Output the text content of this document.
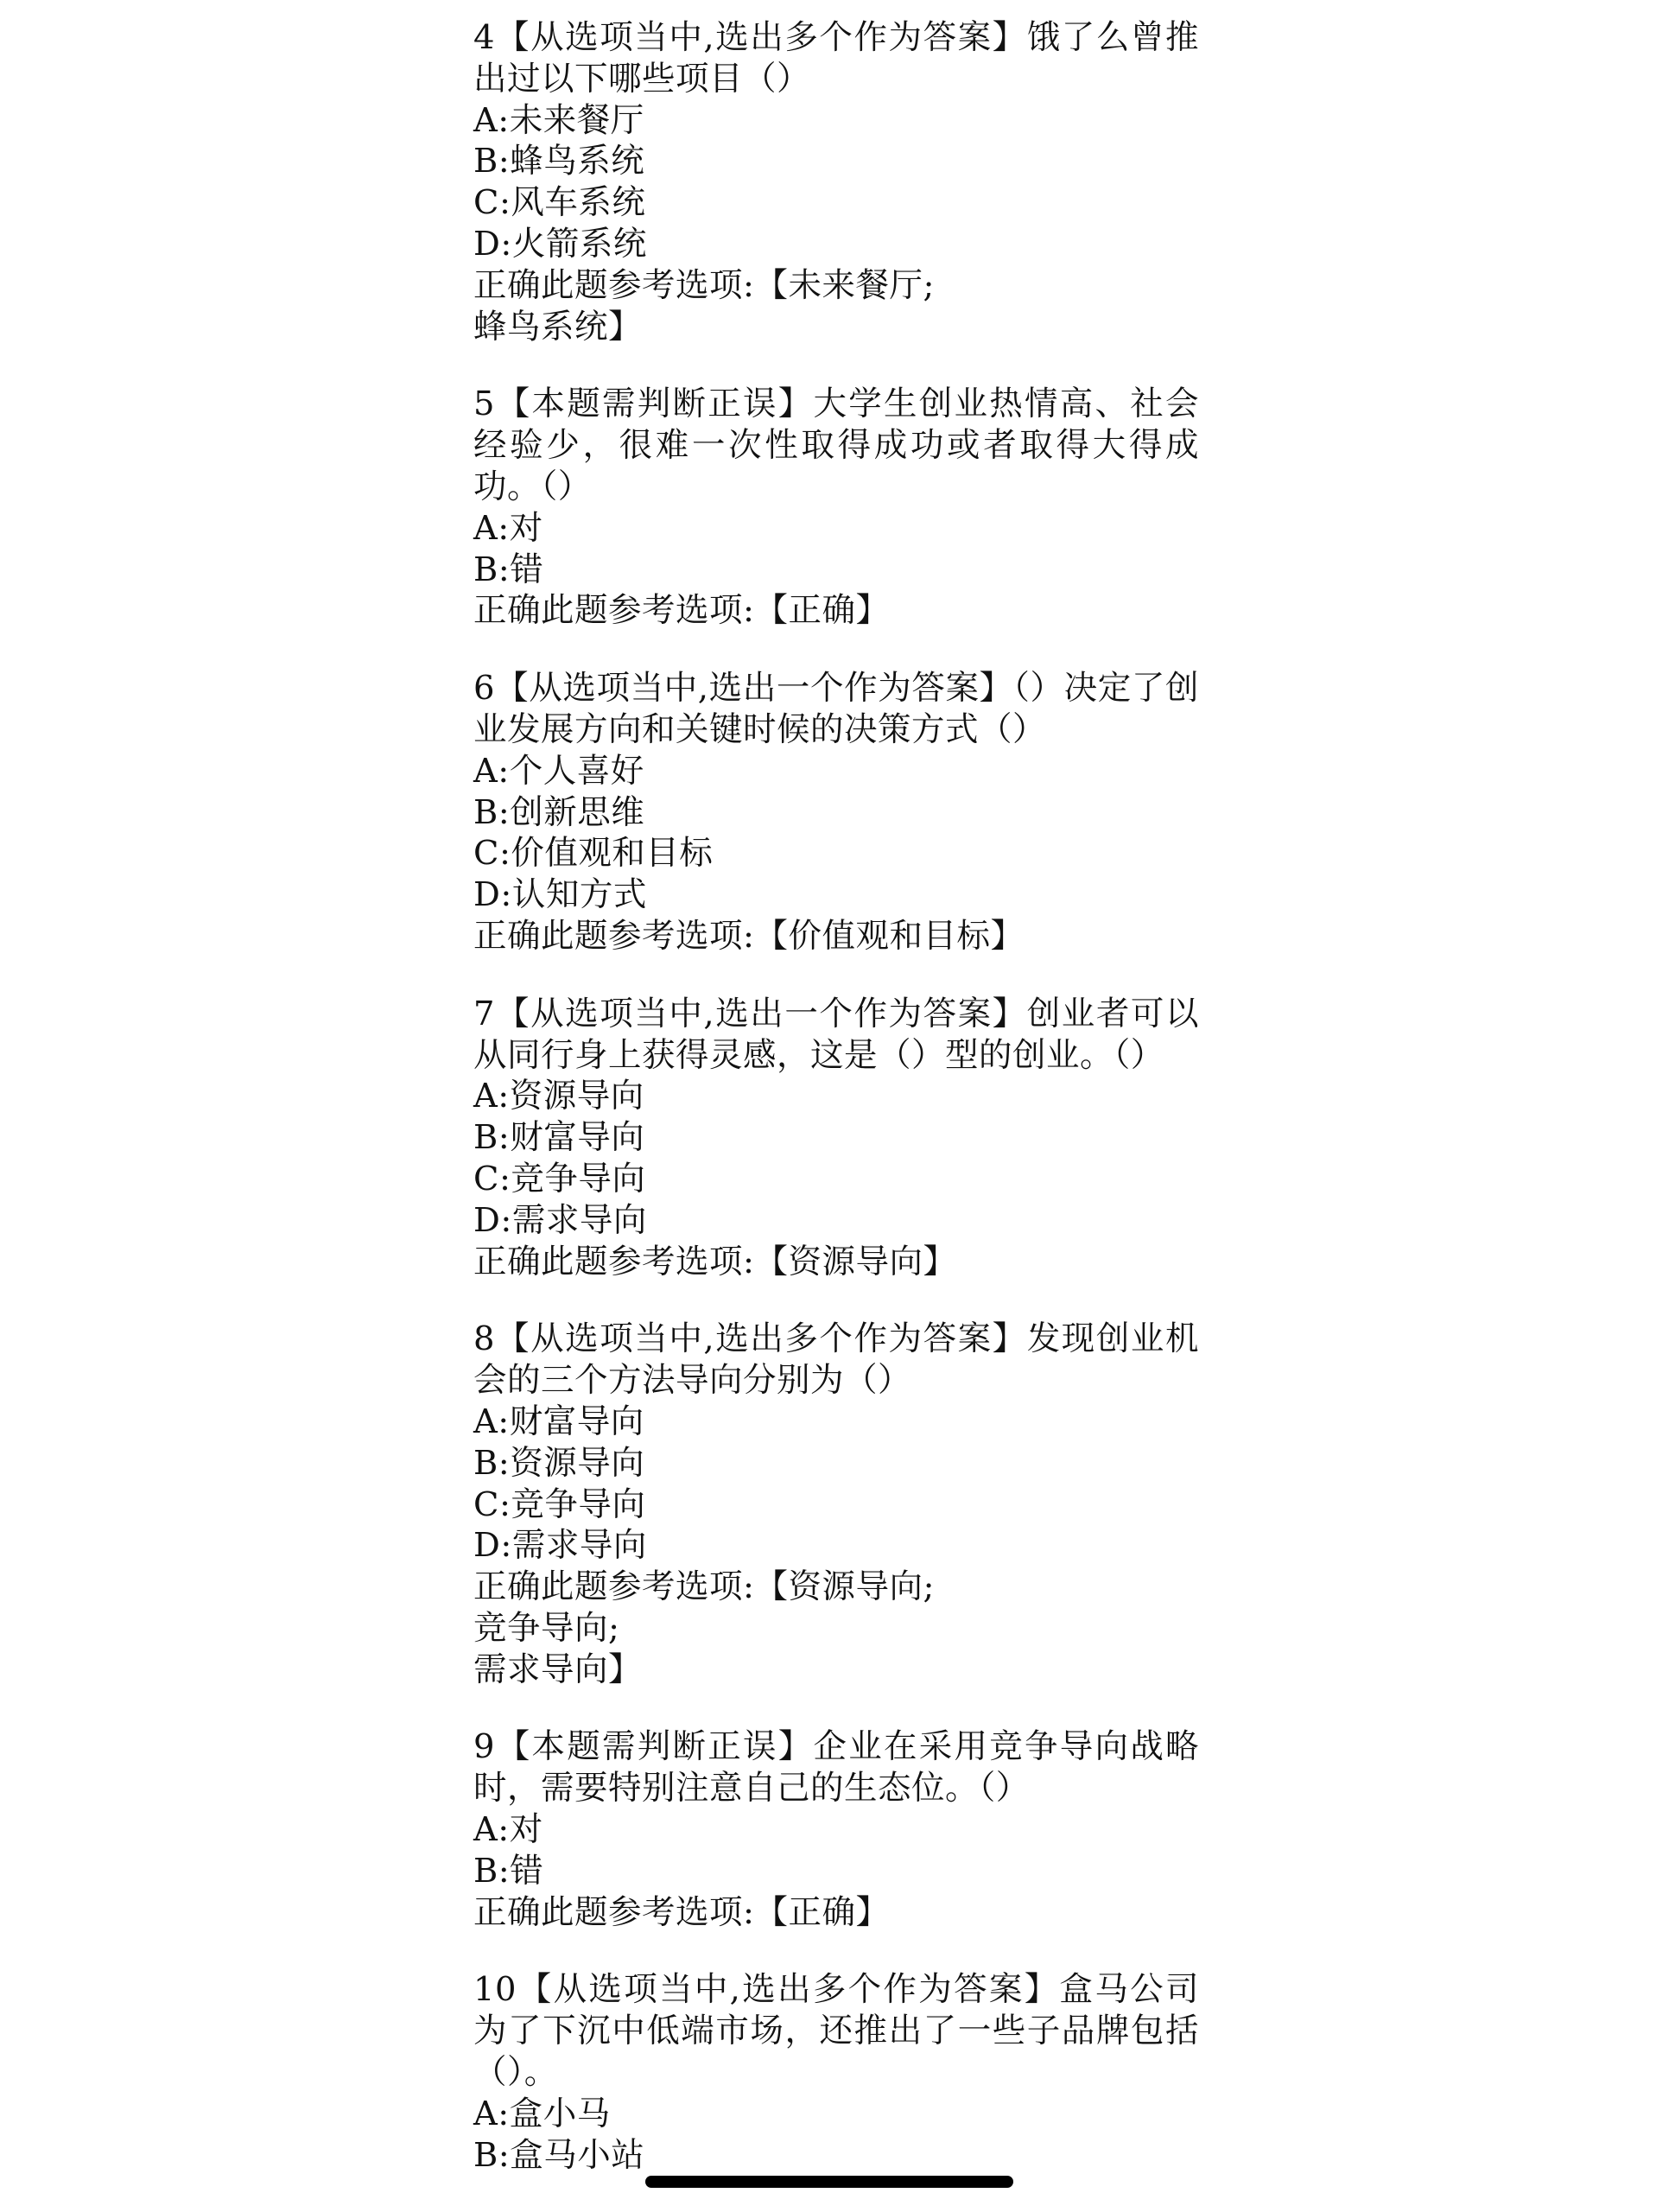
4【从选项当中,选出多个作为答案】饿了么曾推出过以下哪些项目（）

A:未来餐厅

B:蜂鸟系统

C:风车系统

D:火箭系统

正确此题参考选项:【未来餐厅;

蜂鸟系统】

5【本题需判断正误】大学生创业热情高、社会经验少，很难一次性取得成功或者取得大得成功。（）

A:对

B:错

正确此题参考选项:【正确】

6【从选项当中,选出一个作为答案】（）决定了创业发展方向和关键时候的决策方式（）

A:个人喜好

B:创新思维

C:价值观和目标

D:认知方式

正确此题参考选项:【价值观和目标】

7【从选项当中,选出一个作为答案】创业者可以从同行身上获得灵感，这是（）型的创业。（）

A:资源导向

B:财富导向

C:竞争导向

D:需求导向

正确此题参考选项:【资源导向】

8【从选项当中,选出多个作为答案】发现创业机会的三个方法导向分别为（）

A:财富导向

B:资源导向

C:竞争导向

D:需求导向

正确此题参考选项:【资源导向;

竞争导向;

需求导向】

9【本题需判断正误】企业在采用竞争导向战略时，需要特别注意自己的生态位。（）

A:对

B:错

正确此题参考选项:【正确】

10【从选项当中,选出多个作为答案】盒马公司为了下沉中低端市场，还推出了一些子品牌包括（）。

A:盒小马

B:盒马小站
